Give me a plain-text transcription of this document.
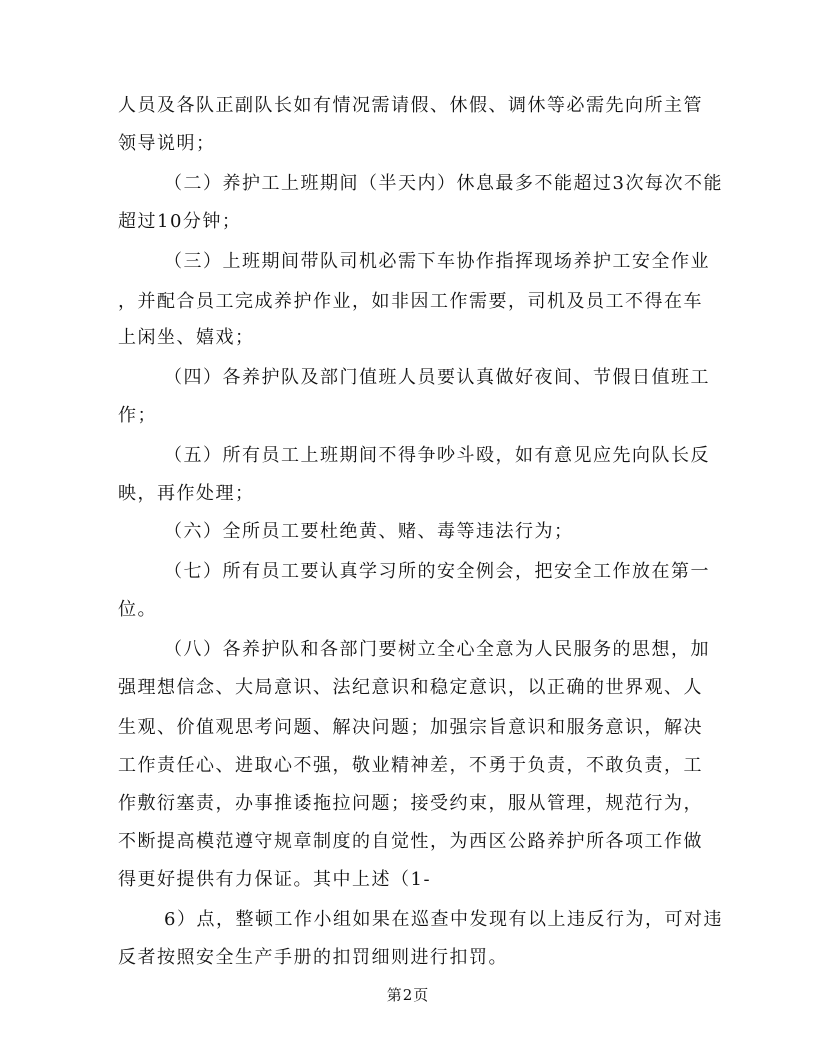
人员及各队正副队长如有情况需请假、休假、调休等必需先向所主管
领导说明；
（二）养护工上班期间（半天内）休息最多不能超过3次每次不能
超过10分钟；
（三）上班期间带队司机必需下车协作指挥现场养护工安全作业
，并配合员工完成养护作业，如非因工作需要，司机及员工不得在车
上闲坐、嬉戏；
（四）各养护队及部门值班人员要认真做好夜间、节假日值班工
作；
（五）所有员工上班期间不得争吵斗殴，如有意见应先向队长反
映，再作处理；
（六）全所员工要杜绝黄、赌、毒等违法行为；
（七）所有员工要认真学习所的安全例会，把安全工作放在第一
位。
（八）各养护队和各部门要树立全心全意为人民服务的思想，加
强理想信念、大局意识、法纪意识和稳定意识，以正确的世界观、人
生观、价值观思考问题、解决问题；加强宗旨意识和服务意识，解决
工作责任心、进取心不强，敬业精神差，不勇于负责，不敢负责，工
作敷衍塞责，办事推诿拖拉问题；接受约束，服从管理，规范行为，
不断提高模范遵守规章制度的自觉性，为西区公路养护所各项工作做
得更好提供有力保证。其中上述（1-
6）点，整顿工作小组如果在巡查中发现有以上违反行为，可对违
反者按照安全生产手册的扣罚细则进行扣罚。
第2页
